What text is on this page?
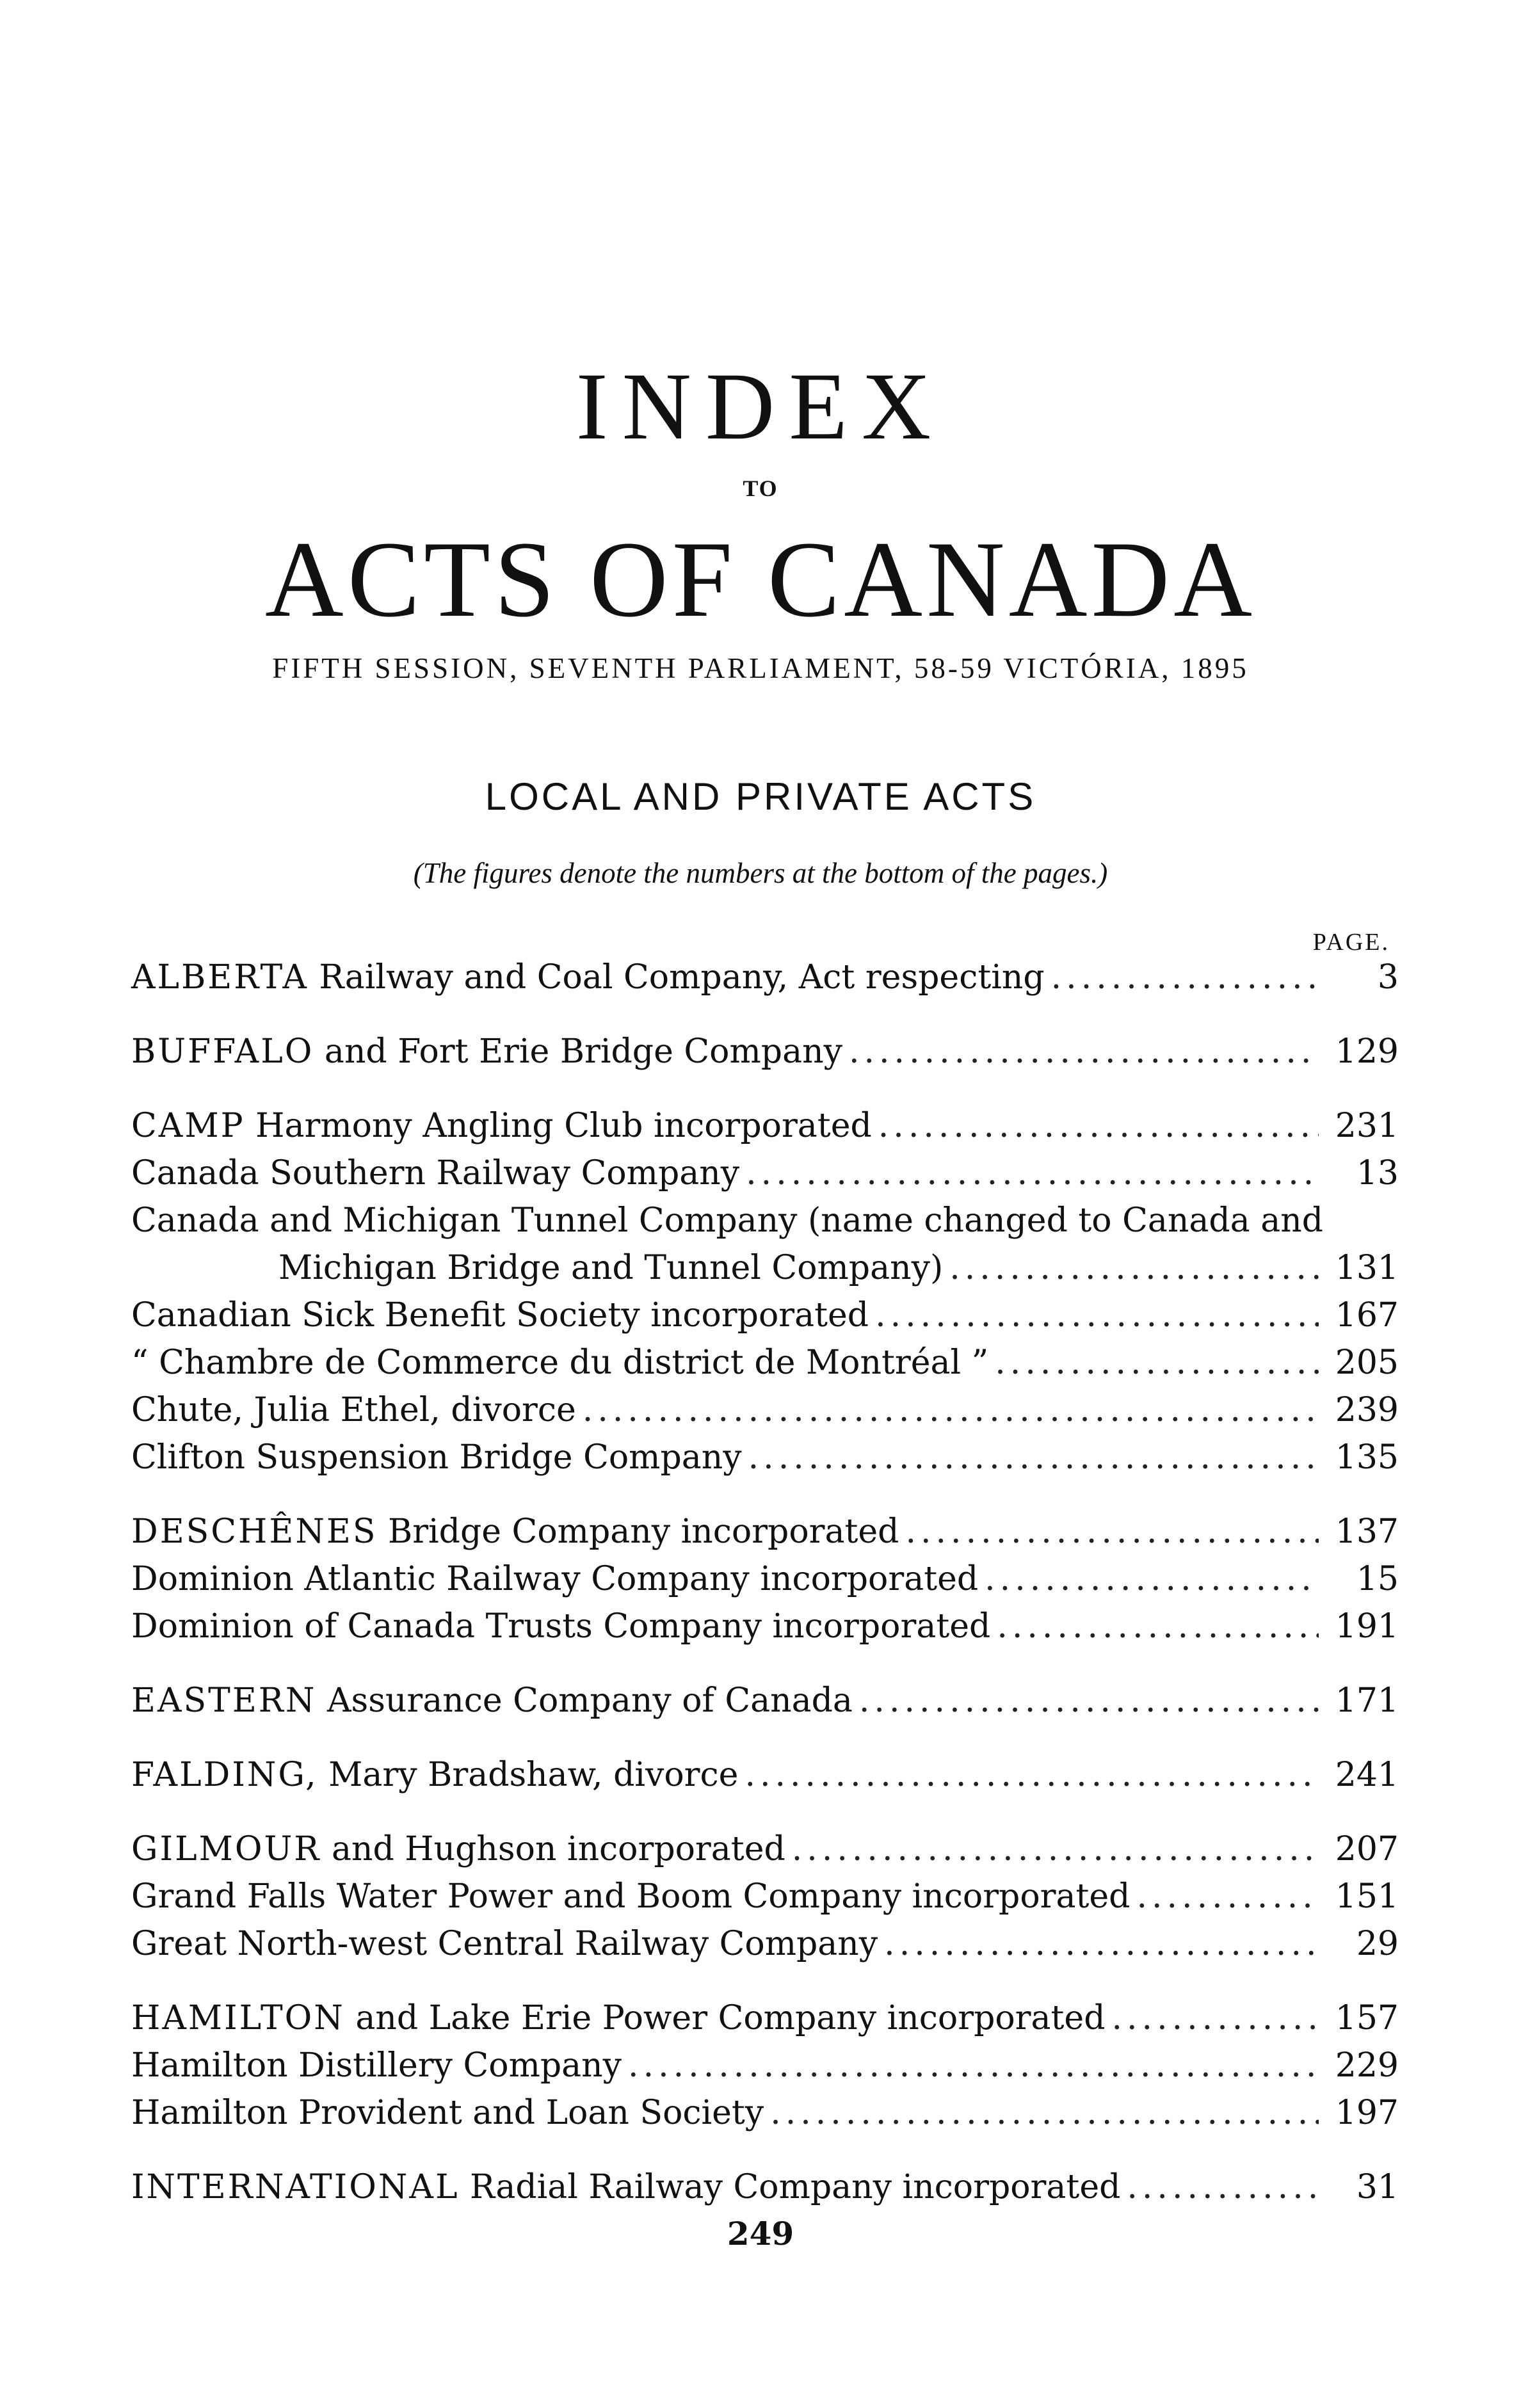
INDEX
TO
ACTS OF CANADA
FIFTH SESSION, SEVENTH PARLIAMENT, 58-59 VICTÓRIA, 1895
LOCAL AND PRIVATE ACTS
(The figures denote the numbers at the bottom of the pages.)
PAGE.
ALBERTA Railway and Coal Company, Act respecting .....	3
BUFFALO and Fort Erie Bridge Company .....	129
CAMP Harmony Angling Club incorporated .....	231
Canada Southern Railway Company .....	13
Canada and Michigan Tunnel Company (name changed to Canada and
Michigan Bridge and Tunnel Company) .....	131
Canadian Sick Benefit Society incorporated .....	167
“ Chambre de Commerce du district de Montréal ” .....	205
Chute, Julia Ethel, divorce .....	239
Clifton Suspension Bridge Company .....	135
DESCHÊNES Bridge Company incorporated .....	137
Dominion Atlantic Railway Company incorporated .....	15
Dominion of Canada Trusts Company incorporated .....	191
EASTERN Assurance Company of Canada .....	171
FALDING, Mary Bradshaw, divorce .....	241
GILMOUR and Hughson incorporated .....	207
Grand Falls Water Power and Boom Company incorporated .....	151
Great North-west Central Railway Company .....	29
HAMILTON and Lake Erie Power Company incorporated .....	157
Hamilton Distillery Company .....	229
Hamilton Provident and Loan Society .....	197
INTERNATIONAL Radial Railway Company incorporated .....	31
249
